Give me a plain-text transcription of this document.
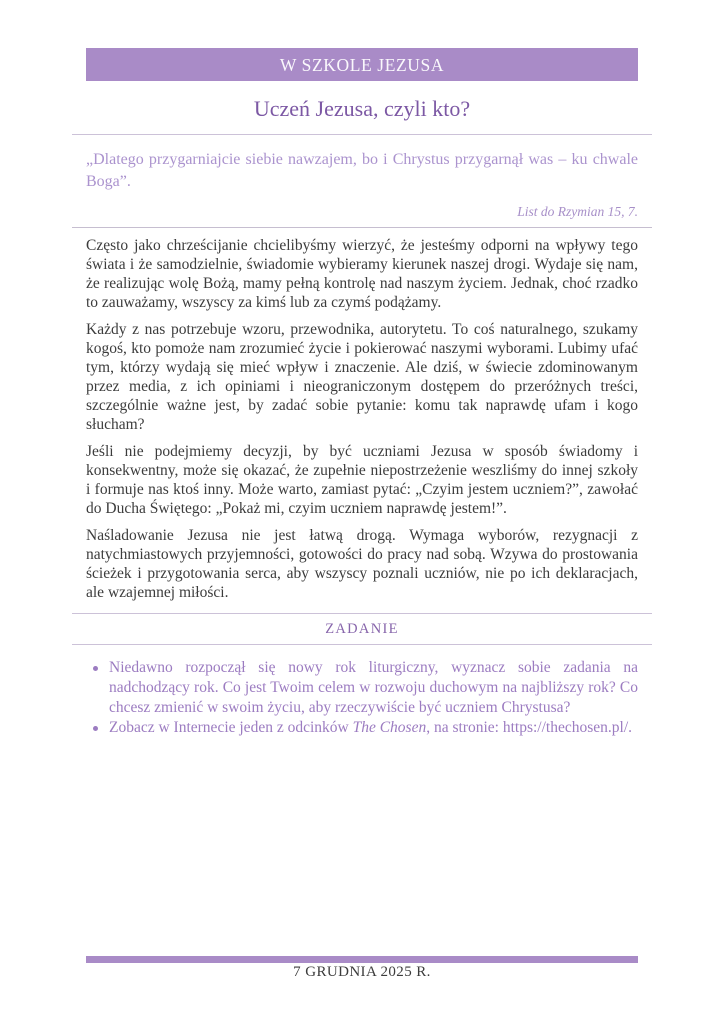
W SZKOLE JEZUSA
Uczeń Jezusa, czyli kto?

„Dlatego przygarniajcie siebie nawzajem, bo i Chrystus przygarnął was – ku chwale Boga”.

List do Rzymian 15, 7.

Często jako chrześcijanie chcielibyśmy wierzyć, że jesteśmy odporni na wpływy tego świata i że samodzielnie, świadomie wybieramy kierunek naszej drogi. Wydaje się nam, że realizując wolę Bożą, mamy pełną kontrolę nad naszym życiem. Jednak, choć rzadko to zauważamy, wszyscy za kimś lub za czymś podążamy.

Każdy z nas potrzebuje wzoru, przewodnika, autorytetu. To coś naturalnego, szukamy kogoś, kto pomoże nam zrozumieć życie i pokierować naszymi wyborami. Lubimy ufać tym, którzy wydają się mieć wpływ i znaczenie. Ale dziś, w świecie zdominowanym przez media, z ich opiniami i nieograniczonym dostępem do przeróżnych treści, szczególnie ważne jest, by zadać sobie pytanie: komu tak naprawdę ufam i kogo słucham?

Jeśli nie podejmiemy decyzji, by być uczniami Jezusa w sposób świadomy i konsekwentny, może się okazać, że zupełnie niepostrzeżenie weszliśmy do innej szkoły i formuje nas ktoś inny. Może warto, zamiast pytać: „Czyim jestem uczniem?”, zawołać do Ducha Świętego: „Pokaż mi, czyim uczniem naprawdę jestem!”.

Naśladowanie Jezusa nie jest łatwą drogą. Wymaga wyborów, rezygnacji z natychmiastowych przyjemności, gotowości do pracy nad sobą. Wzywa do prostowania ścieżek i przygotowania serca, aby wszyscy poznali uczniów, nie po ich deklaracjach, ale wzajemnej miłości.

ZADANIE
Niedawno rozpoczął się nowy rok liturgiczny, wyznacz sobie zadania na nadchodzący rok. Co jest Twoim celem w rozwoju duchowym na najbliższy rok? Co chcesz zmienić w swoim życiu, aby rzeczywiście być uczniem Chrystusa?
Zobacz w Internecie jeden z odcinków The Chosen, na stronie: https://thechosen.pl/.
7 GRUDNIA 2025 R.
